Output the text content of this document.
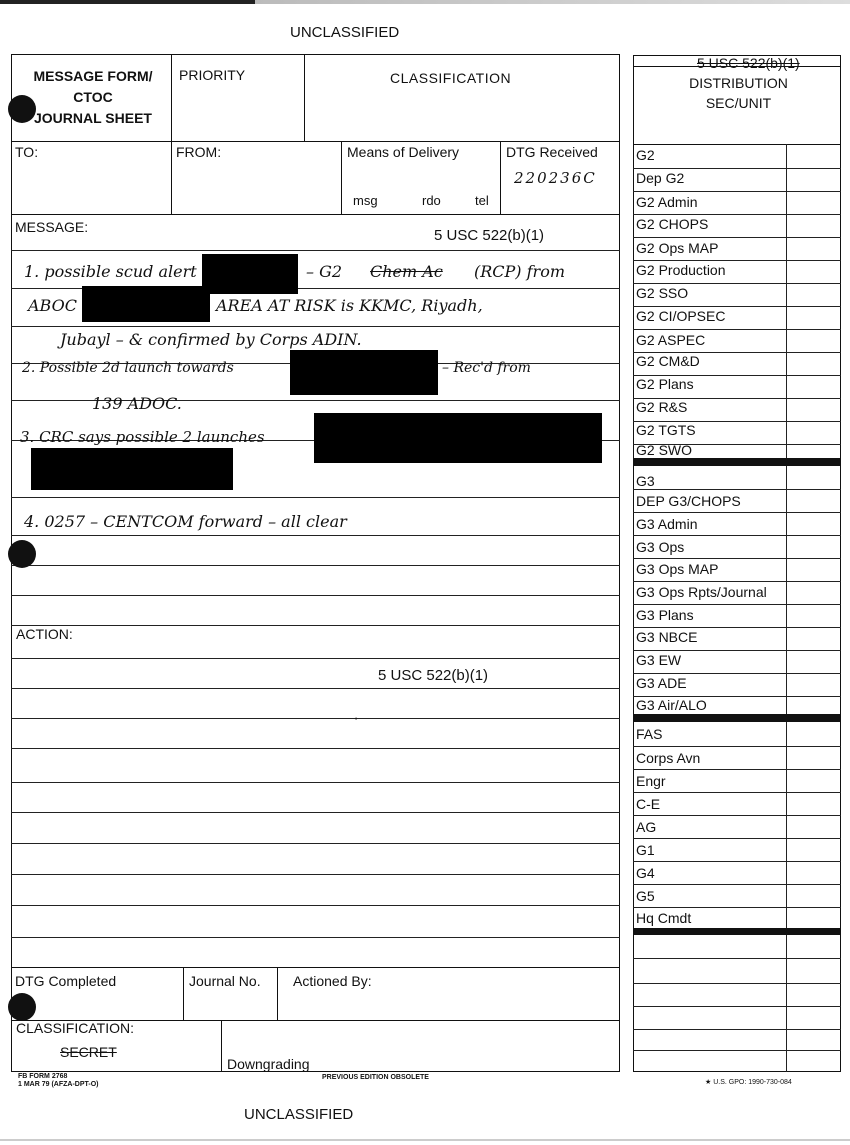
UNCLASSIFIED
MESSAGE FORM/
CTOC
JOURNAL SHEET
PRIORITY	CLASSIFICATION
TO:	FROM:	Means of Delivery
msg	rdo	tel
DTG Received
220236C
MESSAGE:	5 USC 522(b)(1)
1. possible scud alert	– G2 Chem Ac (RCP) from
ABOC	AREA AT RISK is KKMC, Riyadh,
Jubayl – & confirmed by Corps ADIN.
2. Possible 2d launch towards	– Rec'd from
139 ADOC.
3. CRC says possible 2 launches
4. 0257 – CENTCOM forward – all clear
ACTION:
5 USC 522(b)(1)
'
DTG Completed	Journal No. Actioned By:
CLASSIFICATION:
SECRET
Downgrading
FB FORM 2768
1 MAR 79 (AFZA-DPT-O)
PREVIOUS EDITION OBSOLETE
★ U.S. GPO: 1990-730-084
UNCLASSIFIED
5 USC 522(b)(1)
DISTRIBUTION
SEC/UNIT
G2
Dep G2
G2 Admin
G2 CHOPS
G2 Ops MAP
G2 Production
G2 SSO
G2 CI/OPSEC
G2 ASPEC
G2 CM&D
G2 Plans
G2 R&S
G2 TGTS
G2 SWO
G3
DEP G3/CHOPS
G3 Admin
G3 Ops
G3 Ops MAP
G3 Ops Rpts/Journal
G3 Plans
G3 NBCE
G3 EW
G3 ADE
G3 Air/ALO
FAS
Corps Avn
Engr
C-E
AG
G1
G4
G5
Hq Cmdt
